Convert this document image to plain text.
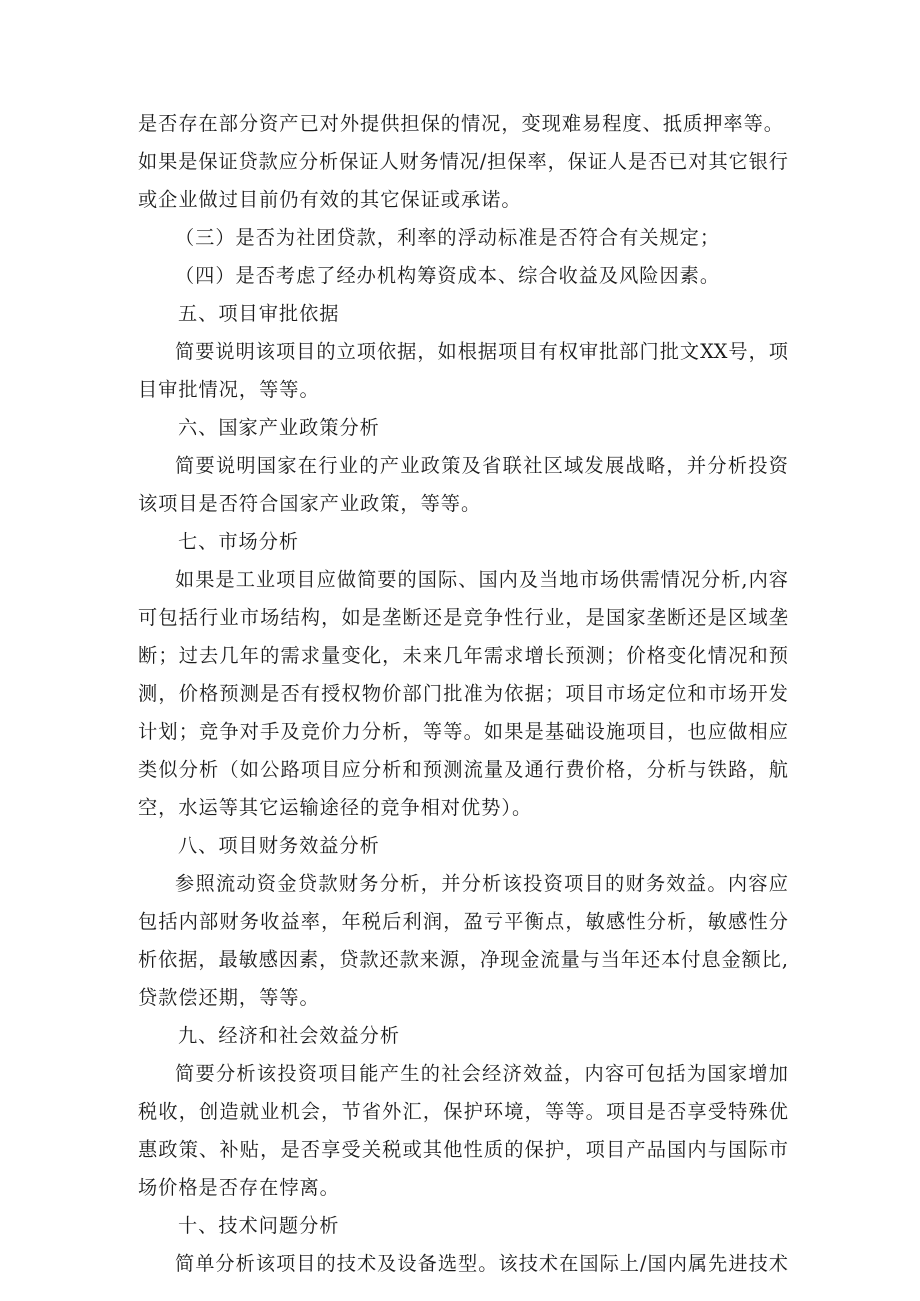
是否存在部分资产已对外提供担保的情况，变现难易程度、抵质押率等。
如果是保证贷款应分析保证人财务情况/担保率，保证人是否已对其它银行
或企业做过目前仍有效的其它保证或承诺。
（三）是否为社团贷款，利率的浮动标准是否符合有关规定；
（四）是否考虑了经办机构筹资成本、综合收益及风险因素。
五、项目审批依据
简要说明该项目的立项依据，如根据项目有权审批部门批文XX号，项
目审批情况，等等。
六、国家产业政策分析
简要说明国家在行业的产业政策及省联社区域发展战略，并分析投资
该项目是否符合国家产业政策，等等。
七、市场分析
如果是工业项目应做简要的国际、国内及当地市场供需情况分析,内容
可包括行业市场结构，如是垄断还是竞争性行业，是国家垄断还是区域垄
断；过去几年的需求量变化，未来几年需求增长预测；价格变化情况和预
测，价格预测是否有授权物价部门批准为依据；项目市场定位和市场开发
计划；竞争对手及竞价力分析，等等。如果是基础设施项目，也应做相应
类似分析（如公路项目应分析和预测流量及通行费价格，分析与铁路，航
空，水运等其它运输途径的竞争相对优势）。
八、项目财务效益分析
参照流动资金贷款财务分析，并分析该投资项目的财务效益。内容应
包括内部财务收益率，年税后利润，盈亏平衡点，敏感性分析，敏感性分
析依据，最敏感因素，贷款还款来源，净现金流量与当年还本付息金额比,
贷款偿还期，等等。
九、经济和社会效益分析
简要分析该投资项目能产生的社会经济效益，内容可包括为国家增加
税收，创造就业机会，节省外汇，保护环境，等等。项目是否享受特殊优
惠政策、补贴，是否享受关税或其他性质的保护，项目产品国内与国际市
场价格是否存在悖离。
十、技术问题分析
简单分析该项目的技术及设备选型。该技术在国际上/国内属先进技术
